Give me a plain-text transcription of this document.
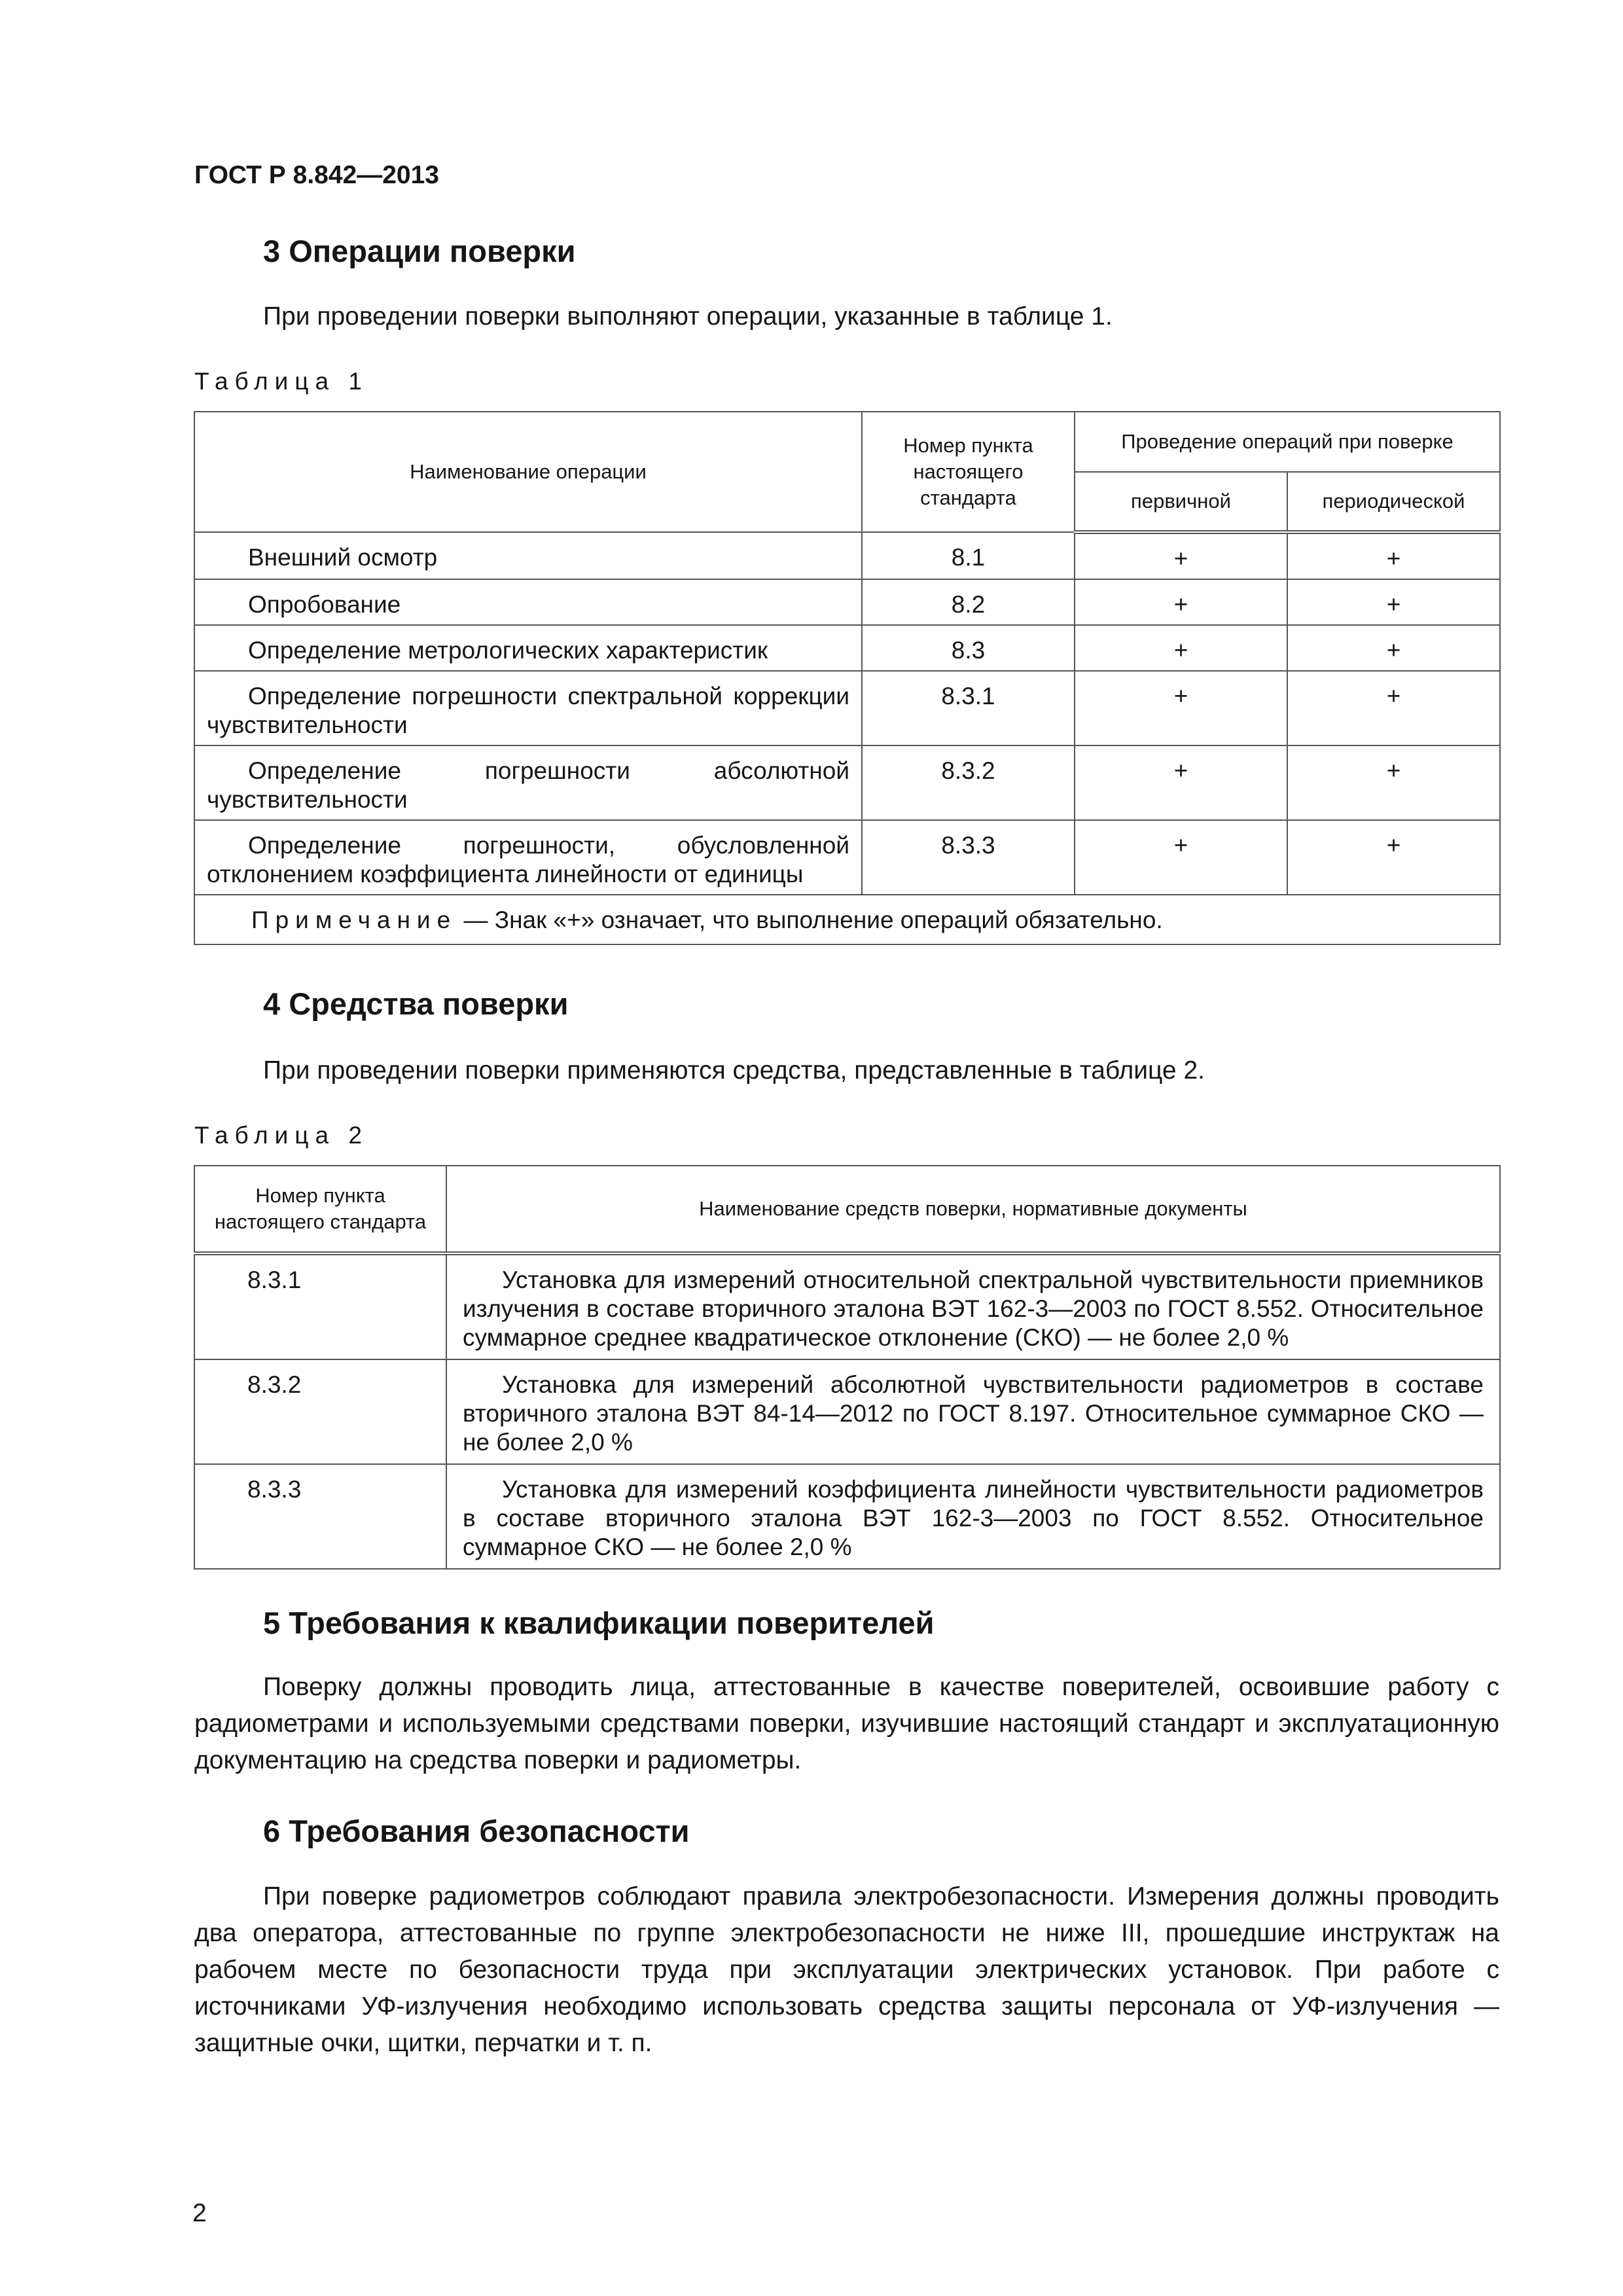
ГОСТ Р 8.842—2013
3 Операции поверки
При проведении поверки выполняют операции, указанные в таблице 1.
Таблица 1
Наименование операции	Номер пункта настоящего стандарта	Проведение операций при поверке	
		первичной	периодической
Внешний осмотр	8.1	+	+
Опробование	8.2	+	+
Определение метрологических характеристик	8.3	+	+
Определение погрешности спектральной коррекции чувствительности	8.3.1	+	+
Определение погрешности абсолютной чувствительности	8.3.2	+	+
Определение погрешности, обусловленной отклонением коэффициента линейности от единицы	8.3.3	+	+
Примечание — Знак «+» означает, что выполнение операций обязательно.			
4 Средства поверки
При проведении поверки применяются средства, представленные в таблице 2.
Таблица 2
Номер пункта настоящего стандарта	Наименование средств поверки, нормативные документы
8.3.1	Установка для измерений относительной спектральной чувствительности приемников излучения в составе вторичного эталона ВЭТ 162-3—2003 по ГОСТ 8.552. Относительное суммарное среднее квадратическое отклонение (СКО) — не более 2,0 %
8.3.2	Установка для измерений абсолютной чувствительности радиометров в составе вторичного эталона ВЭТ 84-14—2012 по ГОСТ 8.197. Относительное суммарное СКО — не более 2,0 %
8.3.3	Установка для измерений коэффициента линейности чувствительности радиометров в составе вторичного эталона ВЭТ 162-3—2003 по ГОСТ 8.552. Относительное суммарное СКО — не более 2,0 %
5 Требования к квалификации поверителей
Поверку должны проводить лица, аттестованные в качестве поверителей, освоившие работу с радиометрами и используемыми средствами поверки, изучившие настоящий стандарт и эксплуатационную документацию на средства поверки и радиометры.
6 Требования безопасности
При поверке радиометров соблюдают правила электробезопасности. Измерения должны проводить два оператора, аттестованные по группе электробезопасности не ниже III, прошедшие инструктаж на рабочем месте по безопасности труда при эксплуатации электрических установок. При работе с источниками УФ-излучения необходимо использовать средства защиты персонала от УФ-излучения — защитные очки, щитки, перчатки и т. п.
2
